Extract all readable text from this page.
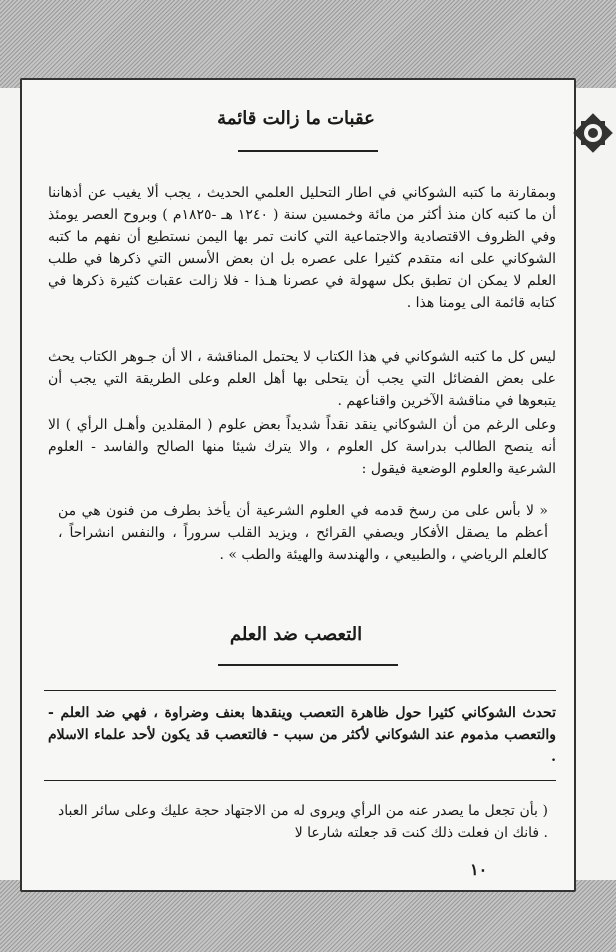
عقبات ما زالت قائمة

وبمقارنة ما كتبه الشوكاني في اطار التحليل العلمي الحديث ، يجب ألا يغيب عن أذهاننا أن ما كتبه كان منذ أكثر من مائة وخمسين سنة ( ١٢٤٠ هـ -١٨٢٥م ) وبروح العصر يومئذ وفي الظروف الاقتصادية والاجتماعية التي كانت تمر بها اليمن نستطيع أن نفهم ما كتبه الشوكاني على انه متقدم كثيرا على عصره بل ان بعض الأسس التي ذكرها في طلب العلم لا يمكن ان تطبق بكل سهولة في عصرنا هـذا - فلا زالت عقبات كثيرة ذكرها في كتابه قائمة الى يومنا هذا .

ليس كل ما كتبه الشوكاني في هذا الكتاب لا يحتمل المناقشة ، الا أن جـوهر الكتاب يحث على بعض الفضائل التي يجب أن يتحلى بها أهل العلم وعلى الطريقة التي يجب أن يتبعوها في مناقشة الآخرين واقناعهم .

وعلى الرغم من أن الشوكاني ينقد نقداً شديداً بعض علوم ( المقلدين وأهـل الرأي ) الا أنه ينصح الطالب بدراسة كل العلوم ، والا يترك شيئا منها الصالح والفاسد - العلوم الشرعية والعلوم الوضعية فيقول :

« لا بأس على من رسخ قدمه في العلوم الشرعية أن يأخذ بطرف من فنون هي من أعظم ما يصقل الأفكار ويصفي القرائح ، ويزيد القلب سروراً ، والنفس انشراحاً ، كالعلم الرياضي ، والطبيعي ، والهندسة والهيئة والطب » .

التعصب ضد العلم

تحدث الشوكاني كثيرا حول ظاهرة التعصب وينقدها بعنف وضراوة ، فهي ضد العلم - والتعصب مذموم عند الشوكاني لأكثر من سبب - فالتعصب قد يكون لأحد علماء الاسلام .

( بأن تجعل ما يصدر عنه من الرأي ويروى له من الاجتهاد حجة عليك وعلى سائر العباد . فانك ان فعلت ذلك كنت قد جعلته شارعا لا

١٠
